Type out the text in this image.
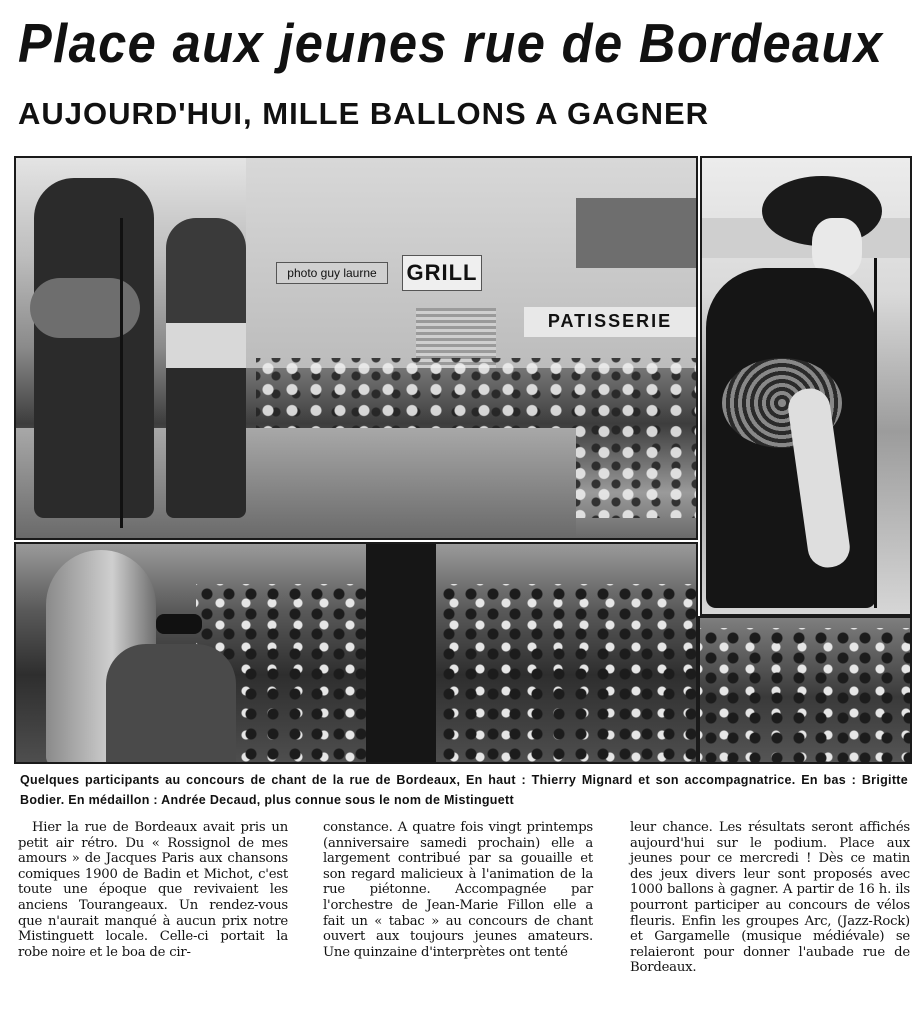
Place aux jeunes rue de Bordeaux
AUJOURD'HUI, MILLE BALLONS A GAGNER
GRILL
PATISSERIE
photo guy laurne

Quelques participants au concours de chant de la rue de Bordeaux, En haut : Thierry Mignard et son accompagnatrice. En bas : Brigitte Bodier. En médaillon : Andrée Decaud, plus connue sous le nom de Mistinguett

Hier la rue de Bordeaux avait pris un petit air rétro. Du « Rossignol de mes amours » de Jacques Paris aux chansons comiques 1900 de Badin et Michot, c'est toute une époque que revivaient les anciens Tourangeaux. Un rendez-vous que n'aurait manqué à aucun prix notre Mistinguett locale. Celle-ci portait la robe noire et le boa de cir-

constance. A quatre fois vingt printemps (anniversaire samedi prochain) elle a largement contribué par sa gouaille et son regard malicieux à l'animation de la rue piétonne. Accompagnée par l'orchestre de Jean-Marie Fillon elle a fait un « tabac » au concours de chant ouvert aux toujours jeunes amateurs. Une quinzaine d'interprètes ont tenté

leur chance. Les résultats seront affichés aujourd'hui sur le podium. Place aux jeunes pour ce mercredi ! Dès ce matin des jeux divers leur sont proposés avec 1000 ballons à gagner. A partir de 16 h. ils pourront participer au concours de vélos fleuris. Enfin les groupes Arc, (Jazz-Rock) et Gargamelle (musique médiévale) se relaieront pour donner l'aubade rue de Bordeaux.
